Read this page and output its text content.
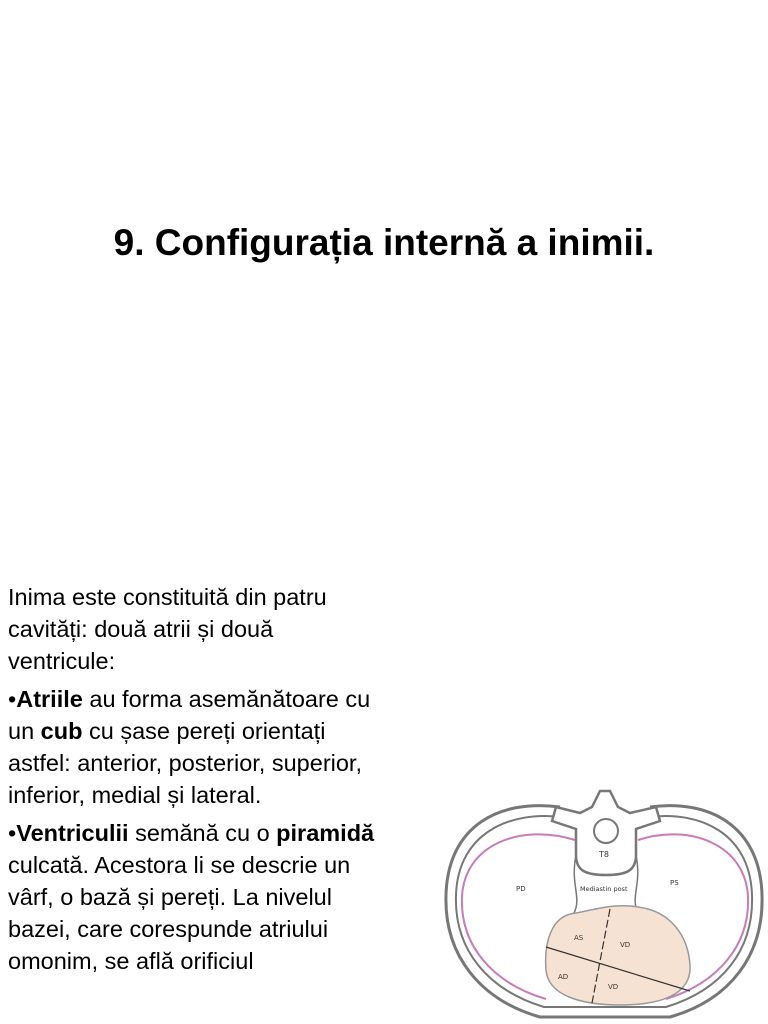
9. Configurația internă a inimii.

Inima este constituită din patru cavități: două atrii și două ventricule:

•Atriile au forma asemănătoare cu un cub cu șase pereți orientați astfel: anterior, posterior, superior, inferior, medial și lateral.

•Ventriculii semănă cu o piramidă culcată. Acestora li se descrie un vârf, o bază și pereți. La nivelul bazei, care corespunde atriului omonim, se află orificiul

T8
PD
PS
Mediastin post
AS
AD
VD
VD
